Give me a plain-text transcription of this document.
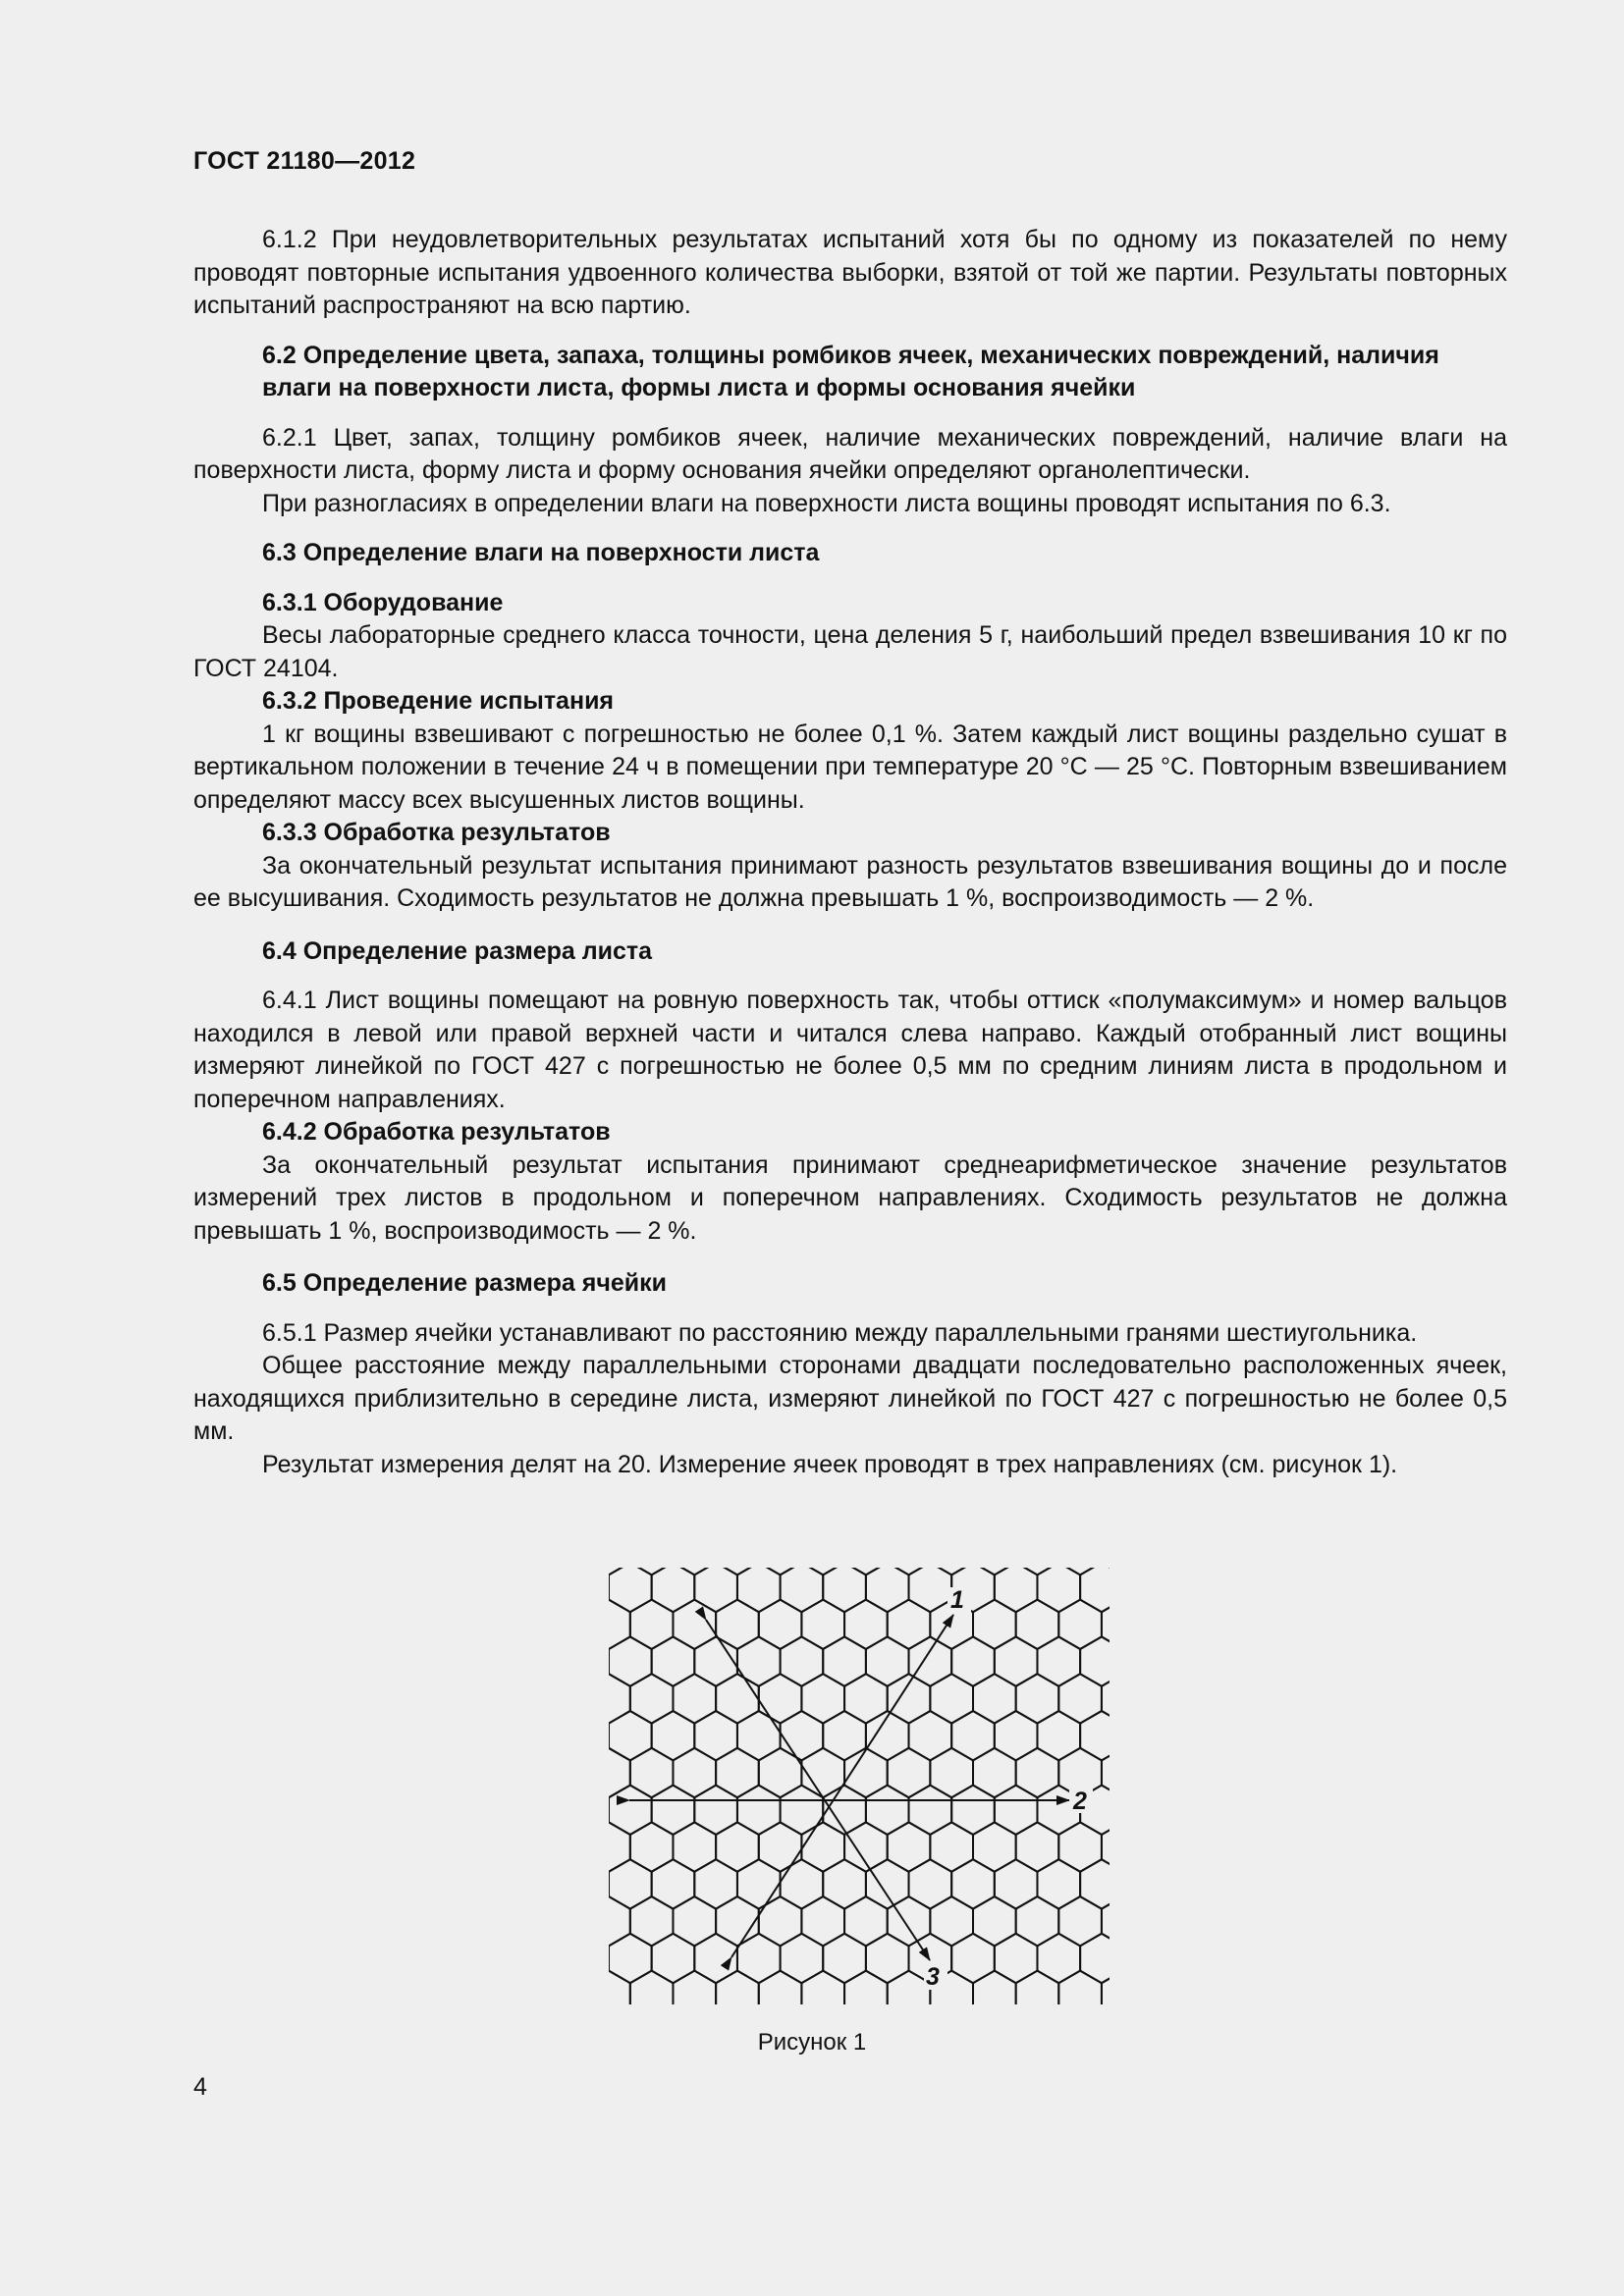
ГОСТ 21180—2012

6.1.2 При неудовлетворительных результатах испытаний хотя бы по одному из показателей по нему проводят повторные испытания удвоенного количества выборки, взятой от той же партии. Результаты повторных испытаний распространяют на всю партию.

6.2 Определение цвета, запаха, толщины ромбиков ячеек, механических повреждений, наличия влаги на поверхности листа, формы листа и формы основания ячейки

6.2.1 Цвет, запах, толщину ромбиков ячеек, наличие механических повреждений, наличие влаги на поверхности листа, форму листа и форму основания ячейки определяют органолептически.

При разногласиях в определении влаги на поверхности листа вощины проводят испытания по 6.3.

6.3 Определение влаги на поверхности листа

6.3.1 Оборудование

Весы лабораторные среднего класса точности, цена деления 5 г, наибольший предел взвешивания 10 кг по ГОСТ 24104.

6.3.2 Проведение испытания

1 кг вощины взвешивают с погрешностью не более 0,1 %. Затем каждый лист вощины раздельно сушат в вертикальном положении в течение 24 ч в помещении при температуре 20 °С — 25 °С. Повторным взвешиванием определяют массу всех высушенных листов вощины.

6.3.3 Обработка результатов

За окончательный результат испытания принимают разность результатов взвешивания вощины до и после ее высушивания. Сходимость результатов не должна превышать 1 %, воспроизводимость — 2 %.

6.4 Определение размера листа

6.4.1 Лист вощины помещают на ровную поверхность так, чтобы оттиск «полумаксимум» и номер вальцов находился в левой или правой верхней части и читался слева направо. Каждый отобранный лист вощины измеряют линейкой по ГОСТ 427 с погрешностью не более 0,5 мм по средним линиям листа в продольном и поперечном направлениях.

6.4.2 Обработка результатов

За окончательный результат испытания принимают среднеарифметическое значение результатов измерений трех листов в продольном и поперечном направлениях. Сходимость результатов не должна превышать 1 %, воспроизводимость — 2 %.

6.5 Определение размера ячейки

6.5.1 Размер ячейки устанавливают по расстоянию между параллельными гранями шестиугольника.

Общее расстояние между параллельными сторонами двадцати последовательно расположенных ячеек, находящихся приблизительно в середине листа, измеряют линейкой по ГОСТ 427 с погрешностью не более 0,5 мм.

Результат измерения делят на 20. Измерение ячеек проводят в трех направлениях (см. рисунок 1).

1
2
3
Рисунок 1
4
